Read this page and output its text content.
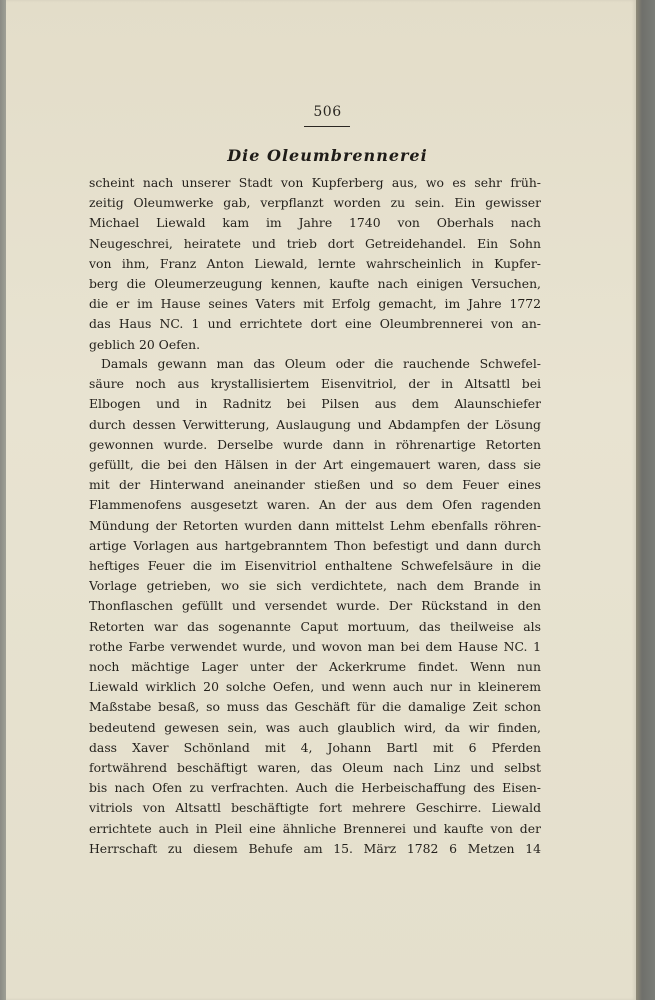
506
Die Oleumbrennerei
scheint nach unserer Stadt von Kupferberg aus, wo es sehr früh-
zeitig Oleumwerke gab, verpflanzt worden zu sein. Ein gewisser
Michael Liewald kam im Jahre 1740 von Oberhals nach
Neugeschrei, heiratete und trieb dort Getreidehandel. Ein Sohn
von ihm, Franz Anton Liewald, lernte wahrscheinlich in Kupfer-
berg die Oleumerzeugung kennen, kaufte nach einigen Versuchen,
die er im Hause seines Vaters mit Erfolg gemacht, im Jahre 1772
das Haus NC. 1 und errichtete dort eine Oleumbrennerei von an-
geblich 20 Oefen.
Damals gewann man das Oleum oder die rauchende Schwefel-
säure noch aus krystallisiertem Eisenvitriol, der in Altsattl bei
Elbogen und in Radnitz bei Pilsen aus dem Alaunschiefer
durch dessen Verwitterung, Auslaugung und Abdampfen der Lösung
gewonnen wurde. Derselbe wurde dann in röhrenartige Retorten
gefüllt, die bei den Hälsen in der Art eingemauert waren, dass sie
mit der Hinterwand aneinander stießen und so dem Feuer eines
Flammenofens ausgesetzt waren. An der aus dem Ofen ragenden
Mündung der Retorten wurden dann mittelst Lehm ebenfalls röhren-
artige Vorlagen aus hartgebranntem Thon befestigt und dann durch
heftiges Feuer die im Eisenvitriol enthaltene Schwefelsäure in die
Vorlage getrieben, wo sie sich verdichtete, nach dem Brande in
Thonflaschen gefüllt und versendet wurde. Der Rückstand in den
Retorten war das sogenannte Caput mortuum, das theilweise als
rothe Farbe verwendet wurde, und wovon man bei dem Hause NC. 1
noch mächtige Lager unter der Ackerkrume findet. Wenn nun
Liewald wirklich 20 solche Oefen, und wenn auch nur in kleinerem
Maßstabe besaß, so muss das Geschäft für die damalige Zeit schon
bedeutend gewesen sein, was auch glaublich wird, da wir finden,
dass Xaver Schönland mit 4, Johann Bartl mit 6 Pferden
fortwährend beschäftigt waren, das Oleum nach Linz und selbst
bis nach Ofen zu verfrachten. Auch die Herbeischaffung des Eisen-
vitriols von Altsattl beschäftigte fort mehrere Geschirre. Liewald
errichtete auch in Pleil eine ähnliche Brennerei und kaufte von der
Herrschaft zu diesem Behufe am 15. März 1782 6 Metzen 14
